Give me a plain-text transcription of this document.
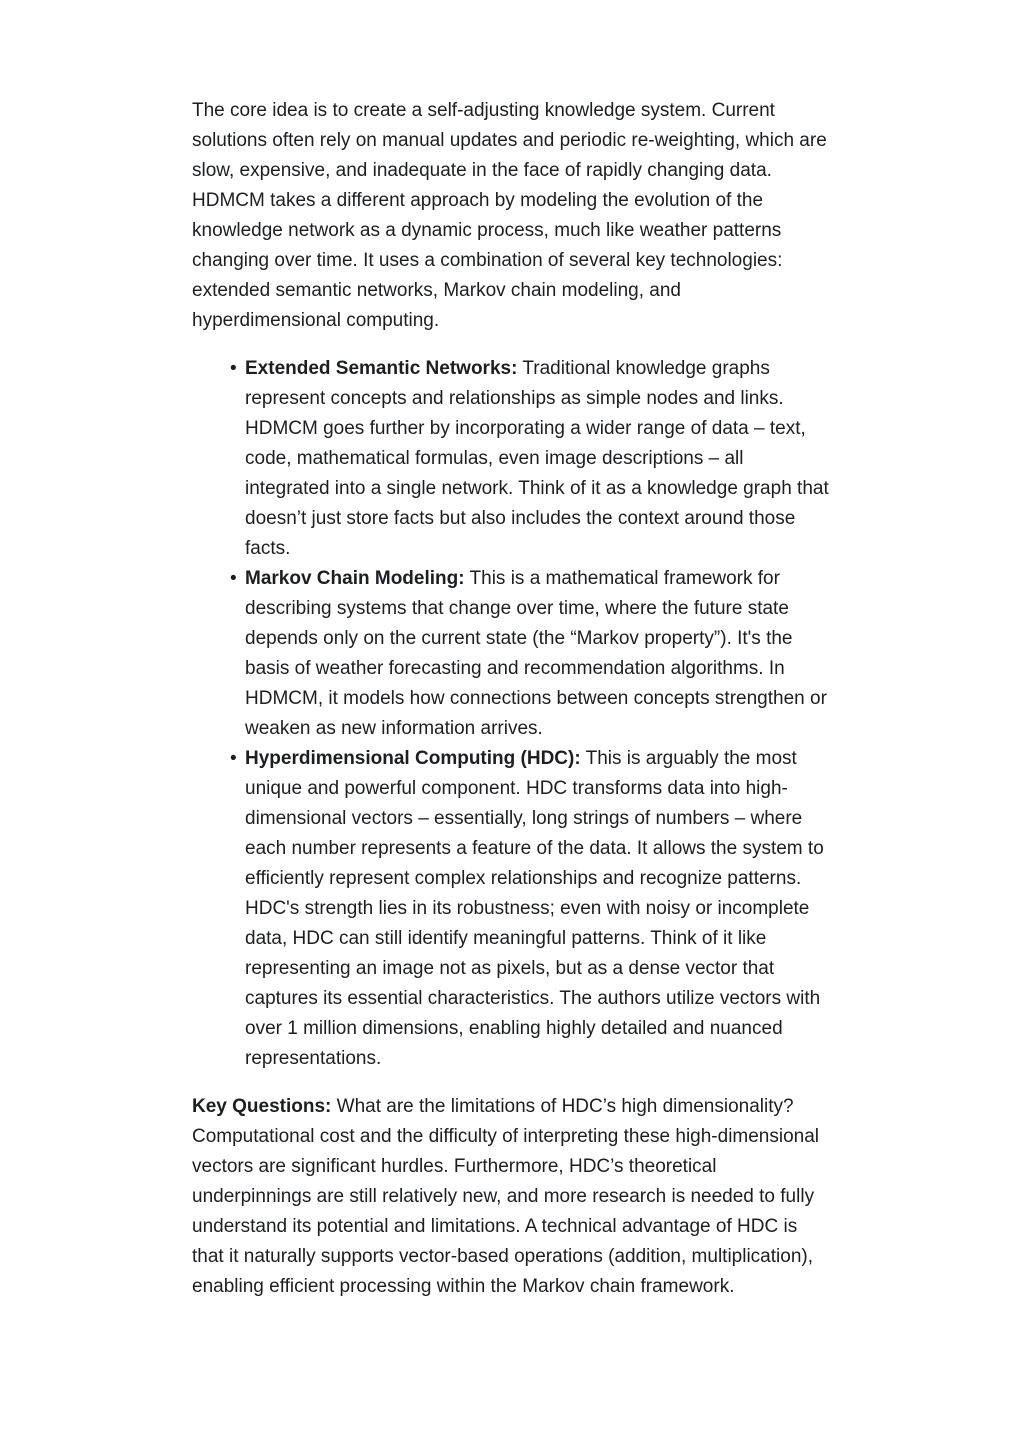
The core idea is to create a self-adjusting knowledge system. Current solutions often rely on manual updates and periodic re-weighting, which are slow, expensive, and inadequate in the face of rapidly changing data. HDMCM takes a different approach by modeling the evolution of the knowledge network as a dynamic process, much like weather patterns changing over time. It uses a combination of several key technologies: extended semantic networks, Markov chain modeling, and hyperdimensional computing.

• Extended Semantic Networks: Traditional knowledge graphs represent concepts and relationships as simple nodes and links. HDMCM goes further by incorporating a wider range of data – text, code, mathematical formulas, even image descriptions – all integrated into a single network. Think of it as a knowledge graph that doesn’t just store facts but also includes the context around those facts.
• Markov Chain Modeling: This is a mathematical framework for describing systems that change over time, where the future state depends only on the current state (the “Markov property”). It's the basis of weather forecasting and recommendation algorithms. In HDMCM, it models how connections between concepts strengthen or weaken as new information arrives.
• Hyperdimensional Computing (HDC): This is arguably the most unique and powerful component. HDC transforms data into high-dimensional vectors – essentially, long strings of numbers – where each number represents a feature of the data. It allows the system to efficiently represent complex relationships and recognize patterns. HDC's strength lies in its robustness; even with noisy or incomplete data, HDC can still identify meaningful patterns. Think of it like representing an image not as pixels, but as a dense vector that captures its essential characteristics. The authors utilize vectors with over 1 million dimensions, enabling highly detailed and nuanced representations.

Key Questions: What are the limitations of HDC’s high dimensionality? Computational cost and the difficulty of interpreting these high-dimensional vectors are significant hurdles. Furthermore, HDC’s theoretical underpinnings are still relatively new, and more research is needed to fully understand its potential and limitations. A technical advantage of HDC is that it naturally supports vector-based operations (addition, multiplication), enabling efficient processing within the Markov chain framework.
